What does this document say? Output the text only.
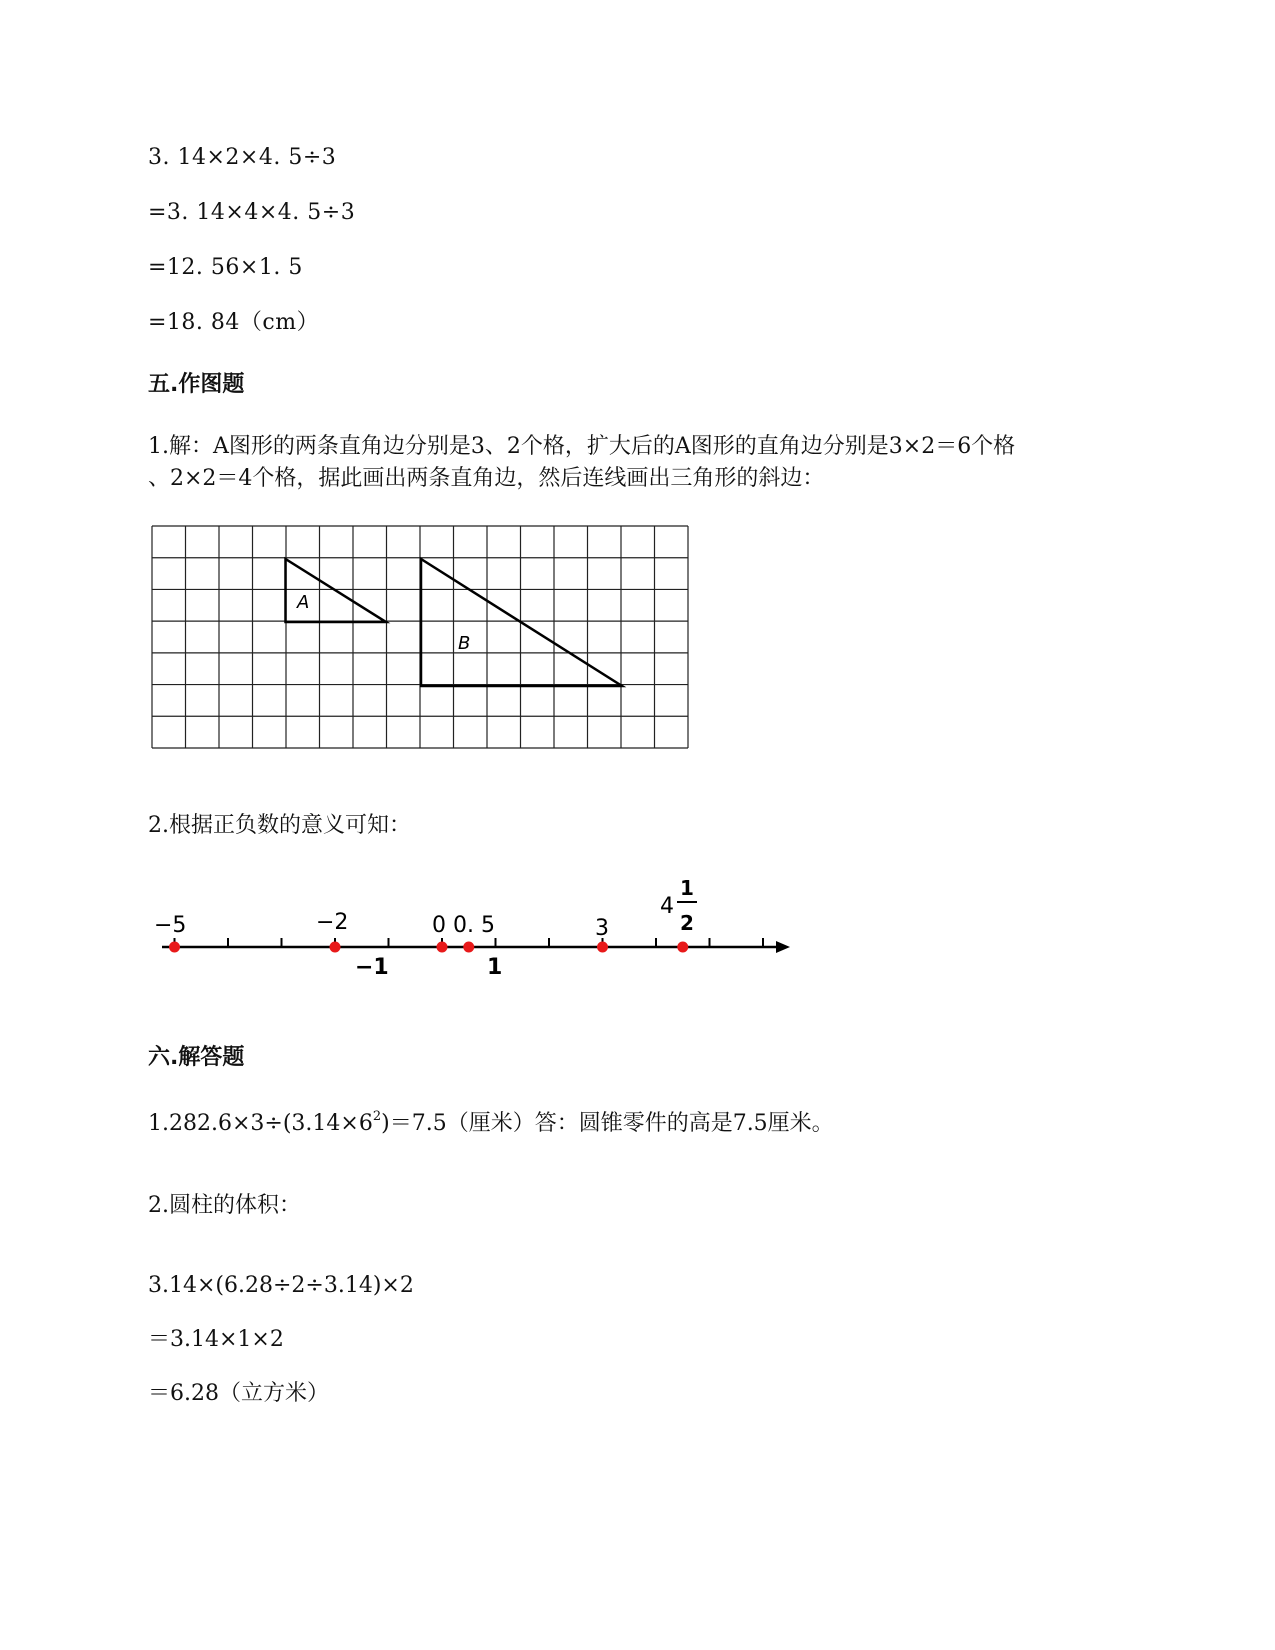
3. 14×2×4. 5÷3
=3. 14×4×4. 5÷3
=12. 56×1. 5
=18. 84（cm）
五.作图题
1.解：A图形的两条直角边分别是3、2个格，扩大后的A图形的直角边分别是3×2＝6个格
、2×2＝4个格，据此画出两条直角边，然后连线画出三角形的斜边：
A
B
2.根据正负数的意义可知：
−5	−2	0 0. 5	3
4
1
2
−1	1
六.解答题
$1.282.6\times 3\div(3.14\times 6^2)=7.5$（厘米）答：圆锥零件的高是7.5厘米。
2.圆柱的体积：
3.14×(6.28÷2÷3.14)×2
＝3.14×1×2
＝6.28（立方米）
